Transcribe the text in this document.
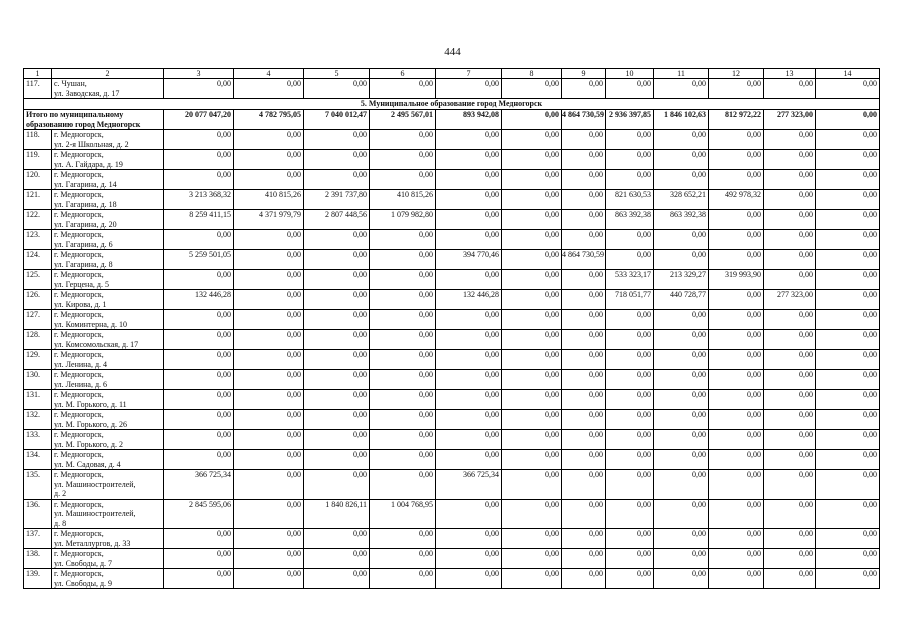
444
1	2	3	4	5	6	7	8	9	10	11	12	13	14
117.	с. Чушан,
ул. Заводская, д. 17	0,00	0,00	0,00	0,00	0,00	0,00	0,00	0,00	0,00	0,00	0,00	0,00
5. Муниципальное образование город Медногорск													
Итого по муниципальному образованию город Медногорск		20 077 047,20	4 782 795,05	7 040 012,47	2 495 567,01	893 942,08	0,00	4 864 730,59	2 936 397,85	1 846 102,63	812 972,22	277 323,00	0,00
118.	г. Медногорск,
ул. 2-я Школьная, д. 2	0,00	0,00	0,00	0,00	0,00	0,00	0,00	0,00	0,00	0,00	0,00	0,00
119.	г. Медногорск,
ул. А. Гайдара, д. 19	0,00	0,00	0,00	0,00	0,00	0,00	0,00	0,00	0,00	0,00	0,00	0,00
120.	г. Медногорск,
ул. Гагарина, д. 14	0,00	0,00	0,00	0,00	0,00	0,00	0,00	0,00	0,00	0,00	0,00	0,00
121.	г. Медногорск,
ул. Гагарина, д. 18	3 213 368,32	410 815,26	2 391 737,80	410 815,26	0,00	0,00	0,00	821 630,53	328 652,21	492 978,32	0,00	0,00
122.	г. Медногорск,
ул. Гагарина, д. 20	8 259 411,15	4 371 979,79	2 807 448,56	1 079 982,80	0,00	0,00	0,00	863 392,38	863 392,38	0,00	0,00	0,00
123.	г. Медногорск,
ул. Гагарина, д. 6	0,00	0,00	0,00	0,00	0,00	0,00	0,00	0,00	0,00	0,00	0,00	0,00
124.	г. Медногорск,
ул. Гагарина, д. 8	5 259 501,05	0,00	0,00	0,00	394 770,46	0,00	4 864 730,59	0,00	0,00	0,00	0,00	0,00
125.	г. Медногорск,
ул. Герцена, д. 5	0,00	0,00	0,00	0,00	0,00	0,00	0,00	533 323,17	213 329,27	319 993,90	0,00	0,00
126.	г. Медногорск,
ул. Кирова, д. 1	132 446,28	0,00	0,00	0,00	132 446,28	0,00	0,00	718 051,77	440 728,77	0,00	277 323,00	0,00
127.	г. Медногорск,
ул. Коминтерна, д. 10	0,00	0,00	0,00	0,00	0,00	0,00	0,00	0,00	0,00	0,00	0,00	0,00
128.	г. Медногорск,
ул. Комсомольская, д. 17	0,00	0,00	0,00	0,00	0,00	0,00	0,00	0,00	0,00	0,00	0,00	0,00
129.	г. Медногорск,
ул. Ленина, д. 4	0,00	0,00	0,00	0,00	0,00	0,00	0,00	0,00	0,00	0,00	0,00	0,00
130.	г. Медногорск,
ул. Ленина, д. 6	0,00	0,00	0,00	0,00	0,00	0,00	0,00	0,00	0,00	0,00	0,00	0,00
131.	г. Медногорск,
ул. М. Горького, д. 11	0,00	0,00	0,00	0,00	0,00	0,00	0,00	0,00	0,00	0,00	0,00	0,00
132.	г. Медногорск,
ул. М. Горького, д. 26	0,00	0,00	0,00	0,00	0,00	0,00	0,00	0,00	0,00	0,00	0,00	0,00
133.	г. Медногорск,
ул. М. Горького, д. 2	0,00	0,00	0,00	0,00	0,00	0,00	0,00	0,00	0,00	0,00	0,00	0,00
134.	г. Медногорск,
ул. М. Садовая, д. 4	0,00	0,00	0,00	0,00	0,00	0,00	0,00	0,00	0,00	0,00	0,00	0,00
135.	г. Медногорск,
ул. Машиностроителей,
д. 2	366 725,34	0,00	0,00	0,00	366 725,34	0,00	0,00	0,00	0,00	0,00	0,00	0,00
136.	г. Медногорск,
ул. Машиностроителей,
д. 8	2 845 595,06	0,00	1 840 826,11	1 004 768,95	0,00	0,00	0,00	0,00	0,00	0,00	0,00	0,00
137.	г. Медногорск,
ул. Металлургов, д. 33	0,00	0,00	0,00	0,00	0,00	0,00	0,00	0,00	0,00	0,00	0,00	0,00
138.	г. Медногорск,
ул. Свободы, д. 7	0,00	0,00	0,00	0,00	0,00	0,00	0,00	0,00	0,00	0,00	0,00	0,00
139.	г. Медногорск,
ул. Свободы, д. 9	0,00	0,00	0,00	0,00	0,00	0,00	0,00	0,00	0,00	0,00	0,00	0,00
